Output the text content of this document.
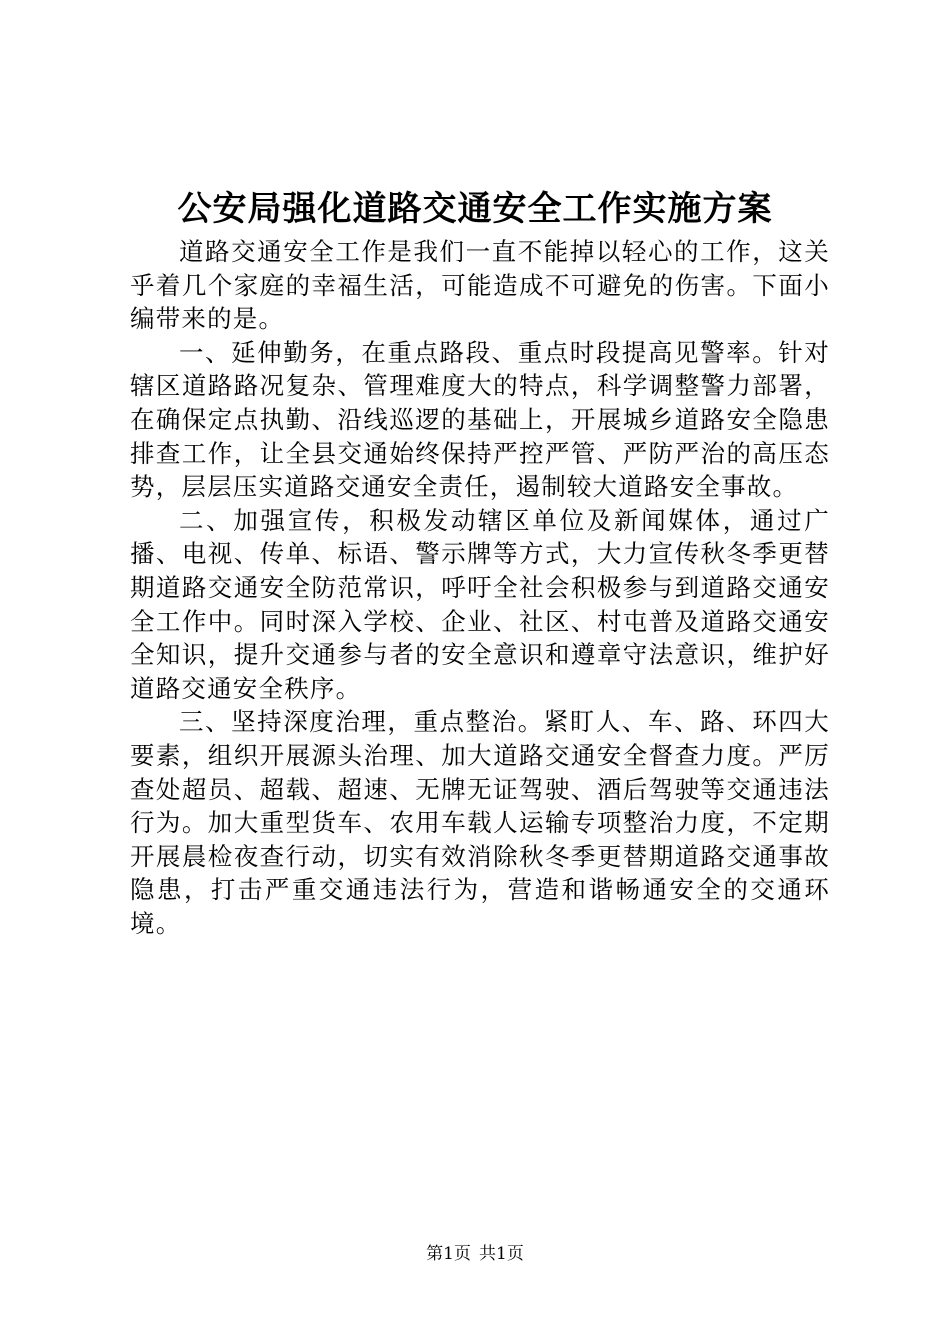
公安局强化道路交通安全工作实施方案

道路交通安全工作是我们一直不能掉以轻心的工作，这关乎着几个家庭的幸福生活，可能造成不可避免的伤害。下面小编带来的是。

一、延伸勤务，在重点路段、重点时段提高见警率。针对辖区道路路况复杂、管理难度大的特点，科学调整警力部署，在确保定点执勤、沿线巡逻的基础上，开展城乡道路安全隐患排查工作，让全县交通始终保持严控严管、严防严治的高压态势，层层压实道路交通安全责任，遏制较大道路安全事故。

二、加强宣传，积极发动辖区单位及新闻媒体，通过广播、电视、传单、标语、警示牌等方式，大力宣传秋冬季更替期道路交通安全防范常识，呼吁全社会积极参与到道路交通安全工作中。同时深入学校、企业、社区、村屯普及道路交通安全知识，提升交通参与者的安全意识和遵章守法意识，维护好道路交通安全秩序。

三、坚持深度治理，重点整治。紧盯人、车、路、环四大要素，组织开展源头治理、加大道路交通安全督查力度。严厉查处超员、超载、超速、无牌无证驾驶、酒后驾驶等交通违法行为。加大重型货车、农用车载人运输专项整治力度，不定期开展晨检夜查行动，切实有效消除秋冬季更替期道路交通事故隐患，打击严重交通违法行为，营造和谐畅通安全的交通环境。

第1页 共1页
